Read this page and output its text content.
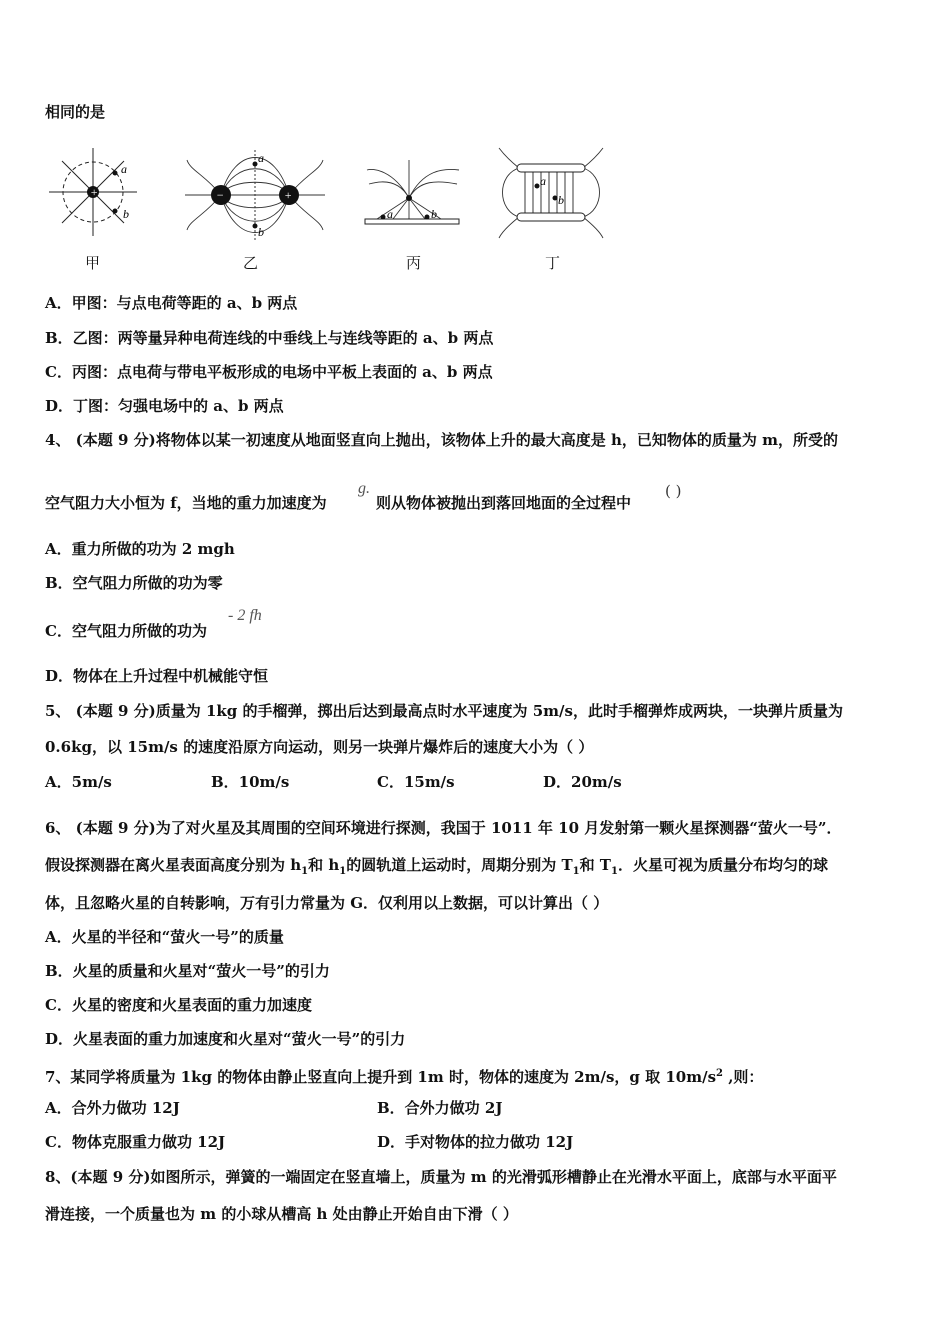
相同的是
+
a
b
甲
−	+
a
b
乙
a	b
丙
a
b
丁
A．甲图：与点电荷等距的 a、b 两点
B．乙图：两等量异种电荷连线的中垂线上与连线等距的 a、b 两点
C．丙图：点电荷与带电平板形成的电场中平板上表面的 a、b 两点
D．丁图：匀强电场中的 a、b 两点
4、 (本题 9 分)将物体以某一初速度从地面竖直向上抛出，该物体上升的最大高度是 h，已知物体的质量为 m，所受的
空气阻力大小恒为 f，当地的重力加速度为
g.
则从物体被抛出到落回地面的全过程中
( )
A．重力所做的功为 2 mgh
B．空气阻力所做的功为零
C．空气阻力所做的功为
- 2 fh
D．物体在上升过程中机械能守恒
5、 (本题 9 分)质量为 1kg 的手榴弹，掷出后达到最高点时水平速度为 5m/s，此时手榴弹炸成两块，一块弹片质量为
0.6kg，以 15m/s 的速度沿原方向运动，则另一块弹片爆炸后的速度大小为（ ）
A．5m/s	B．10m/s	C．15m/s	D．20m/s
6、 (本题 9 分)为了对火星及其周围的空间环境进行探测，我国于 1011 年 10 月发射第一颗火星探测器“萤火一号”．
假设探测器在离火星表面高度分别为 $h_1$和 $h_1$的圆轨道上运动时，周期分别为 $T_1$和 $T_1$．火星可视为质量分布均匀的球
体，且忽略火星的自转影响，万有引力常量为 G．仅利用以上数据，可以计算出（ ）
A．火星的半径和“萤火一号”的质量
B．火星的质量和火星对“萤火一号”的引力
C．火星的密度和火星表面的重力加速度
D．火星表面的重力加速度和火星对“萤火一号”的引力
7、某同学将质量为 1kg 的物体由静止竖直向上提升到 1m 时，物体的速度为 2m/s，g 取 $10m/s^2$ ,则：
A．合外力做功 12J	B．合外力做功 2J
C．物体克服重力做功 12J	D．手对物体的拉力做功 12J
8、(本题 9 分)如图所示，弹簧的一端固定在竖直墙上，质量为 m 的光滑弧形槽静止在光滑水平面上，底部与水平面平
滑连接，一个质量也为 m 的小球从槽高 h 处由静止开始自由下滑（ ）
